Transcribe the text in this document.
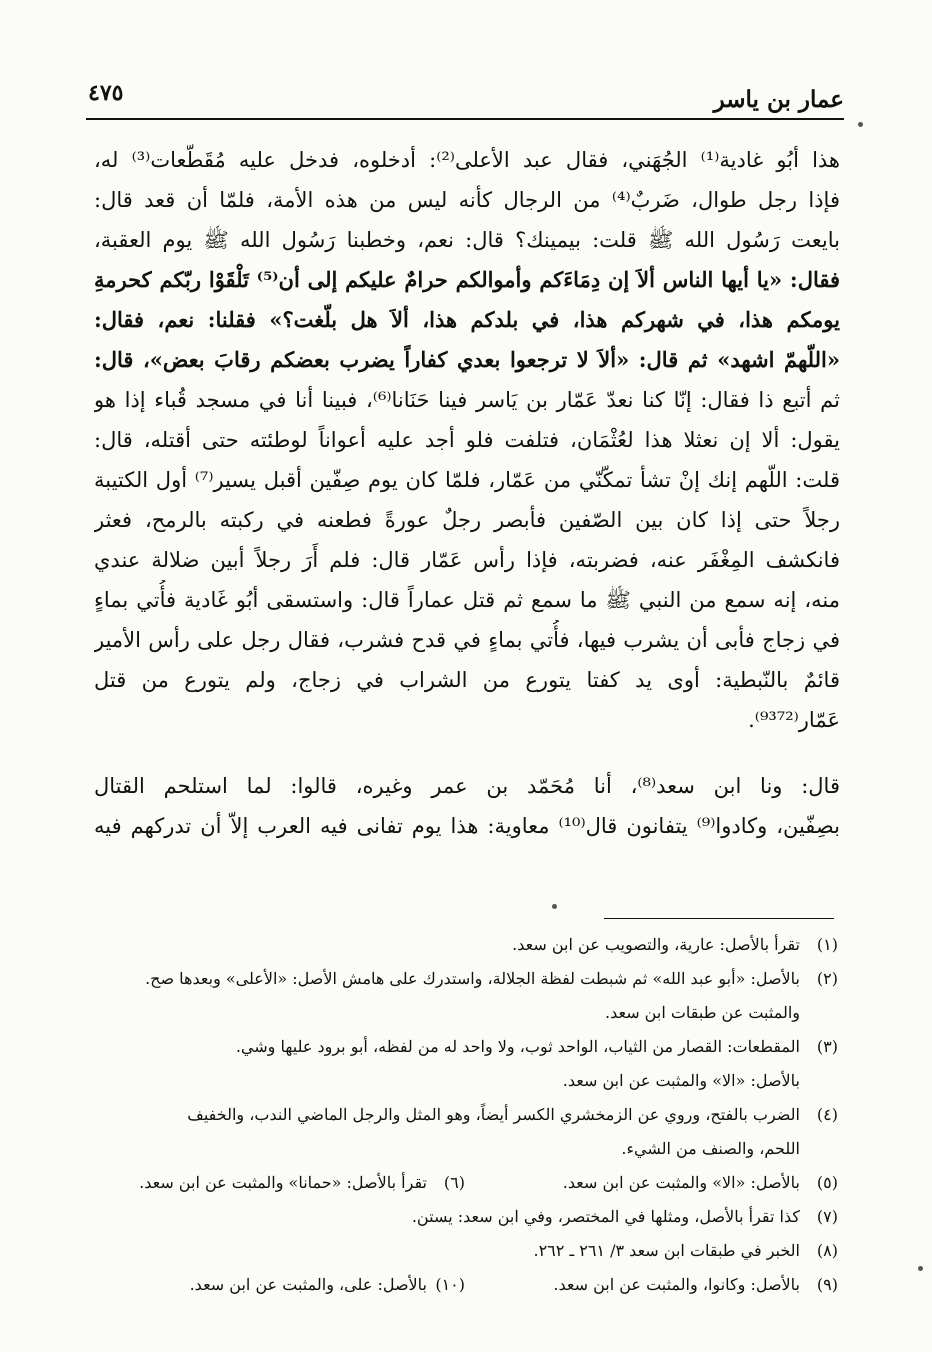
عمار بن ياسر
٤٧٥
هذا أبُو غادية⁽¹⁾ الجُهَني، فقال عبد الأعلى⁽²⁾: أدخلوه، فدخل عليه مُقَطّعات⁽³⁾ له،
فإذا رجل طوال، ضَربٌ⁽⁴⁾ من الرجال كأنه ليس من هذه الأمة، فلمّا أن قعد قال:
بايعت رَسُول الله ﷺ قلت: بيمينك؟ قال: نعم، وخطبنا رَسُول الله ﷺ يوم العقبة،
فقال: «يا أيها الناس ألاَ إن دِمَاءَكم وأموالكم حرامٌ عليكم إلى أن⁽⁵⁾ تَلْقَوْا ربّكم كحرمةِ
يومكم هذا، في شهركم هذا، في بلدكم هذا، ألاَ هل بلّغت؟» فقلنا: نعم، فقال:
«اللّهمّ اشهد» ثم قال: «ألاَ لا ترجعوا بعدي كفاراً يضرب بعضكم رقابَ بعض»، قال:
ثم أتبع ذا فقال: إنّا كنا نعدّ عَمّار بن يَاسر فينا حَنَانا⁽⁶⁾، فبينا أنا في مسجد قُباء إذا هو
يقول: ألا إن نعثلا هذا لعُثْمَان، فتلفت فلو أجد عليه أعواناً لوطئته حتى أقتله، قال:
قلت: اللّهم إنك إنْ تشأ تمكّنّي من عَمّار، فلمّا كان يوم صِفّين أقبل يسير⁽⁷⁾ أول الكتيبة
رجلاً حتى إذا كان بين الصّفين فأبصر رجلٌ عورةً فطعنه في ركبته بالرمح، فعثر
فانكشف المِغْفَر عنه، فضربته، فإذا رأس عَمّار قال: فلم أَرَ رجلاً أبين ضلالة عندي
منه، إنه سمع من النبي ﷺ ما سمع ثم قتل عماراً قال: واستسقى أبُو غَادية فأُتي بماءٍ
في زجاج فأبى أن يشرب فيها، فأُتي بماءٍ في قدح فشرب، فقال رجل على رأس الأمير
قائمٌ بالنّبطية: أوى يد كفتا يتورع من الشراب في زجاج، ولم يتورع من قتل
عَمّار⁽⁹³⁷²⁾.
قال: ونا ابن سعد⁽⁸⁾، أنا مُحَمّد بن عمر وغيره، قالوا: لما استلحم القتال
بصِفّين، وكادوا⁽⁹⁾ يتفانون قال⁽¹⁰⁾ معاوية: هذا يوم تفانى فيه العرب إلاّ أن تدركهم فيه
(١)
تقرأ بالأصل: عارية، والتصويب عن ابن سعد.
(٢)
بالأصل: «أبو عبد الله» ثم شبطت لفظة الجلالة، واستدرك على هامش الأصل: «الأعلى» وبعدها صح.
والمثبت عن طبقات ابن سعد.
(٣)
المقطعات: القصار من الثياب، الواحد ثوب، ولا واحد له من لفظه، أبو برود عليها وشي.
بالأصل: «الا» والمثبت عن ابن سعد.
(٤)
الضرب بالفتح، وروي عن الزمخشري الكسر أيضاً، وهو المثل والرجل الماضي الندب، والخفيف
اللحم، والصنف من الشيء.
(٥)
بالأصل: «الا» والمثبت عن ابن سعد.
(٦)
تقرأ بالأصل: «حمانا» والمثبت عن ابن سعد.
(٧)
كذا تقرأ بالأصل، ومثلها في المختصر، وفي ابن سعد: يستن.
(٨)
الخبر في طبقات ابن سعد ٣/ ٢٦١ ـ ٢٦٢.
(٩)
بالأصل: وكانوا، والمثبت عن ابن سعد.
(١٠)
بالأصل: على، والمثبت عن ابن سعد.
